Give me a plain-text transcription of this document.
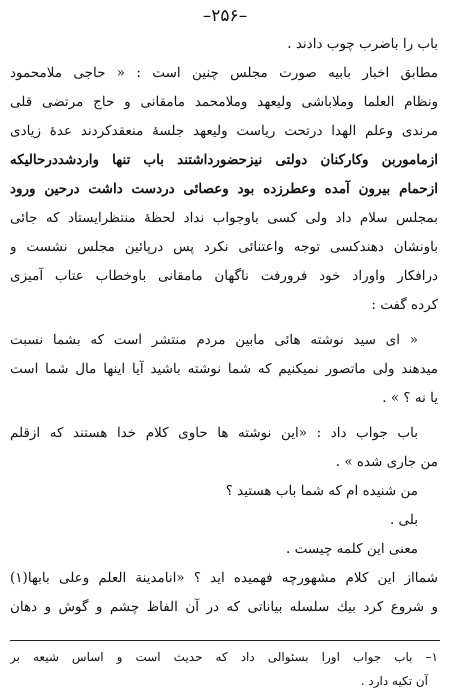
–۲۵۶–
باب را باضرب چوب دادند .
مطابق اخبار بابیه صورت مجلس چنین است : « حاجی ملامحمود
ونظام العلما وملاباشی ولیعهد وملامحمد مامقانی و حاج مرتضی قلی
مرندی وعلم الهدا درتحت ریاست ولیعهد جلسهٔ منعقدکردند عدهٔ زیادی
ازماموربن وکارکنان دولتی نیزحضورداشتند باب تنها واردشددرحالیکه
ازحمام بیرون آمده وعطرزده بود وعصائی دردست داشت درحین ورود
بمجلس سلام داد ولی کسی باوجواب نداد لحظهٔ منتظرایستاد که جائی
باونشان دهندکسی توجه واعتنائی نکرد پس درپائین مجلس نشست و
درافکار واوراد خود فرورفت ناگهان مامقانی باوخطاب عتاب آمیزی
کرده گفت :
« ای سید نوشته هائی مابین مردم منتشر است که بشما نسبت
میدهند ولی ماتصور نمیکنیم که شما نوشته باشید آیا اینها مال شما است
یا نه ؟ » .
باب جواب داد : «این نوشته ها حاوی کلام خدا هستند که ازقلم
من جاری شده » .
من شنیده ام که شما باب هستید ؟
بلی .
معنی این کلمه چیست .
شمااز این کلام مشهورچه فهمیده اید ؟ «انامدینة العلم وعلی بابها(۱)
و شروع کرد بیك سلسله بیاناتی که در آن الفاظ چشم و گوش و دهان
۱– باب جواب اورا بسئوالی داد که حدیث است و اساس شیعه بر
آن تکیه دارد .
